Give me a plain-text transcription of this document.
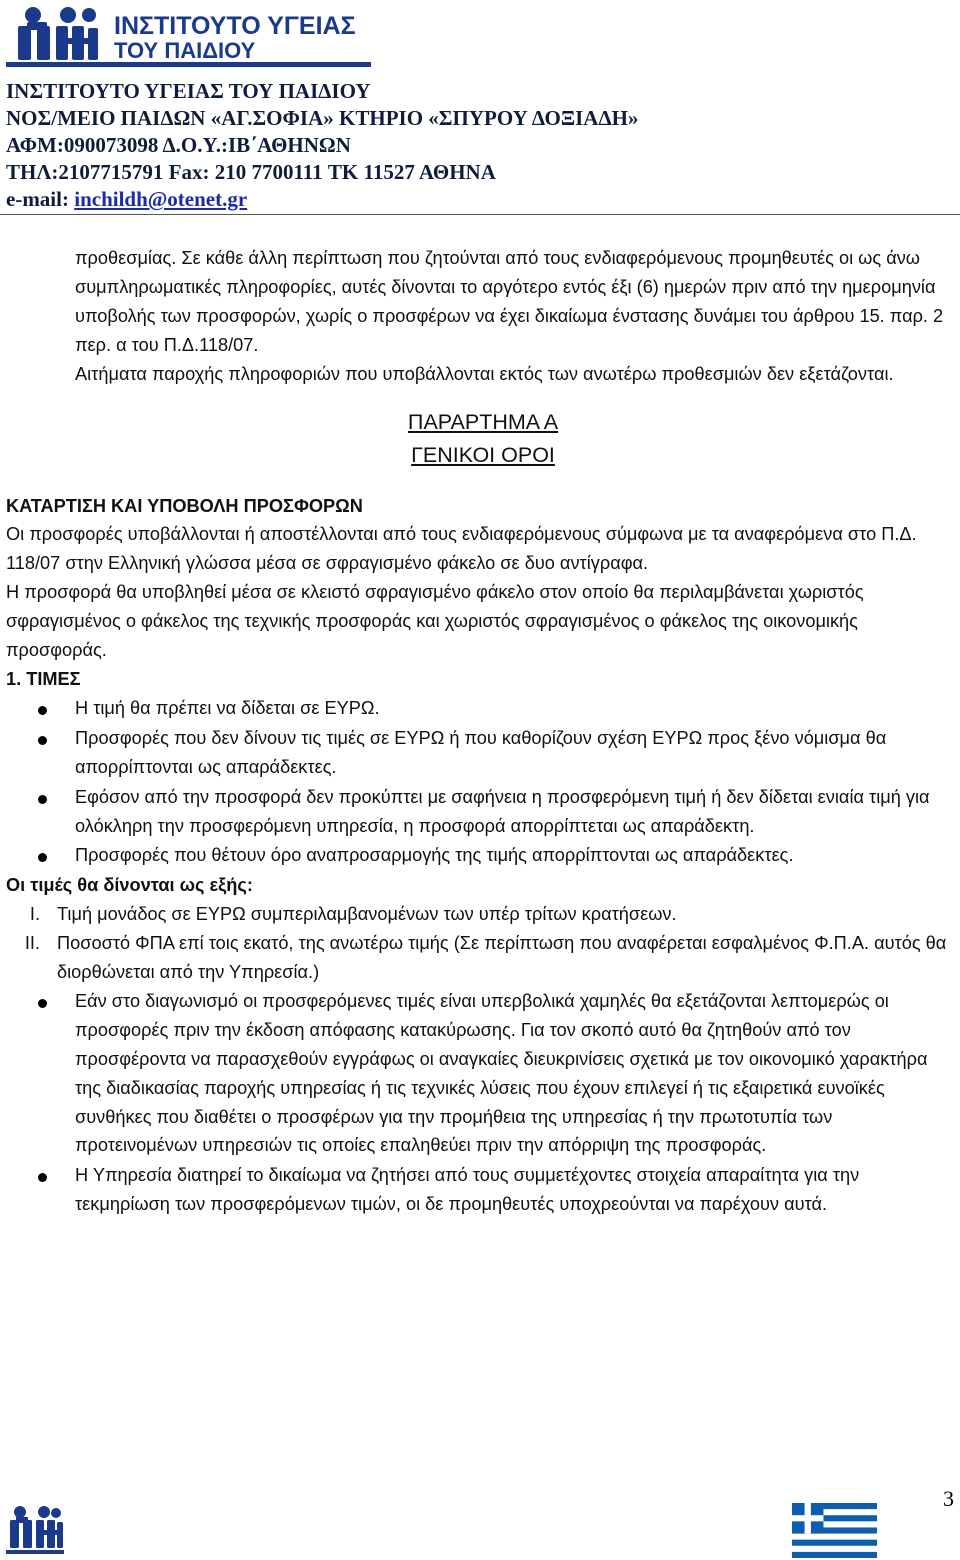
ΙΝΣΤΙΤΟΥΤΟ ΥΓΕΙΑΣ
ΤΟΥ ΠΑΙΔΙΟΥ
ΙΥΠ
ΙΝΣΤΙΤΟΥΤΟ ΥΓΕΙΑΣ ΤΟΥ ΠΑΙΔΙΟΥ
ΝΟΣ/ΜΕΙΟ ΠΑΙΔΩΝ «ΑΓ.ΣΟΦΙΑ» ΚΤΗΡΙΟ «ΣΠΥΡΟΥ ΔΟΞΙΑΔΗ»
ΑΦΜ:090073098 Δ.Ο.Υ.:ΙΒ΄ΑΘΗΝΩΝ
ΤΗΛ:2107715791 Fax: 210 7700111 ΤΚ 11527 ΑΘΗΝΑ
e-mail: inchildh@otenet.gr

προθεσμίας. Σε κάθε άλλη περίπτωση που ζητούνται από τους ενδιαφερόμενους προμηθευτές οι ως άνω συμπληρωματικές πληροφορίες, αυτές δίνονται το αργότερο εντός έξι (6) ημερών πριν από την ημερομηνία υποβολής των προσφορών, χωρίς ο προσφέρων να έχει δικαίωμα ένστασης δυνάμει του άρθρου 15. παρ. 2 περ. α του Π.Δ.118/07.

Αιτήματα παροχής πληροφοριών που υποβάλλονται εκτός των ανωτέρω προθεσμιών δεν εξετάζονται.

ΠΑΡΑΡΤΗΜΑ Α
ΓΕΝΙΚΟΙ ΟΡΟΙ
ΚΑΤΑΡΤΙΣΗ ΚΑΙ ΥΠΟΒΟΛΗ ΠΡΟΣΦΟΡΩΝ

Οι προσφορές υποβάλλονται ή αποστέλλονται από τους ενδιαφερόμενους σύμφωνα με τα αναφερόμενα στο Π.Δ. 118/07 στην Ελληνική γλώσσα μέσα σε σφραγισμένο φάκελο σε δυο αντίγραφα.

Η προσφορά θα υποβληθεί μέσα σε κλειστό σφραγισμένο φάκελο στον οποίο θα περιλαμβάνεται χωριστός σφραγισμένος ο φάκελος της τεχνικής προσφοράς και χωριστός σφραγισμένος ο φάκελος της οικονομικής προσφοράς.

1. ΤΙΜΕΣ
Η τιμή θα πρέπει να δίδεται σε ΕΥΡΩ.
Προσφορές που δεν δίνουν τις τιμές σε ΕΥΡΩ ή που καθορίζουν σχέση ΕΥΡΩ προς ξένο νόμισμα θα απορρίπτονται ως απαράδεκτες.
Εφόσον από την προσφορά δεν προκύπτει με σαφήνεια η προσφερόμενη τιμή ή δεν δίδεται ενιαία τιμή για ολόκληρη την προσφερόμενη υπηρεσία, η προσφορά απορρίπτεται ως απαράδεκτη.
Προσφορές που θέτουν όρο αναπροσαρμογής της τιμής απορρίπτονται ως απαράδεκτες.
Οι τιμές θα δίνονται ως εξής:
I. Τιμή μονάδος σε ΕΥΡΩ συμπεριλαμβανομένων των υπέρ τρίτων κρατήσεων.
II. Ποσοστό ΦΠΑ επί τοις εκατό, της ανωτέρω τιμής (Σε περίπτωση που αναφέρεται εσφαλμένος Φ.Π.Α. αυτός θα διορθώνεται από την Υπηρεσία.)
Εάν στο διαγωνισμό οι προσφερόμενες τιμές είναι υπερβολικά χαμηλές θα εξετάζονται λεπτομερώς οι προσφορές πριν την έκδοση απόφασης κατακύρωσης. Για τον σκοπό αυτό θα ζητηθούν από τον προσφέροντα να παρασχεθούν εγγράφως οι αναγκαίες διευκρινίσεις σχετικά με τον οικονομικό χαρακτήρα της διαδικασίας παροχής υπηρεσίας ή τις τεχνικές λύσεις που έχουν επιλεγεί ή τις εξαιρετικά ευνοϊκές συνθήκες που διαθέτει ο προσφέρων για την προμήθεια της υπηρεσίας ή την πρωτοτυπία των προτεινομένων υπηρεσιών τις οποίες επαληθεύει πριν την απόρριψη της προσφοράς.
Η Υπηρεσία διατηρεί το δικαίωμα να ζητήσει από τους συμμετέχοντες στοιχεία απαραίτητα για την τεκμηρίωση των προσφερόμενων τιμών, οι δε προμηθευτές υποχρεούνται να παρέχουν αυτά.
3
